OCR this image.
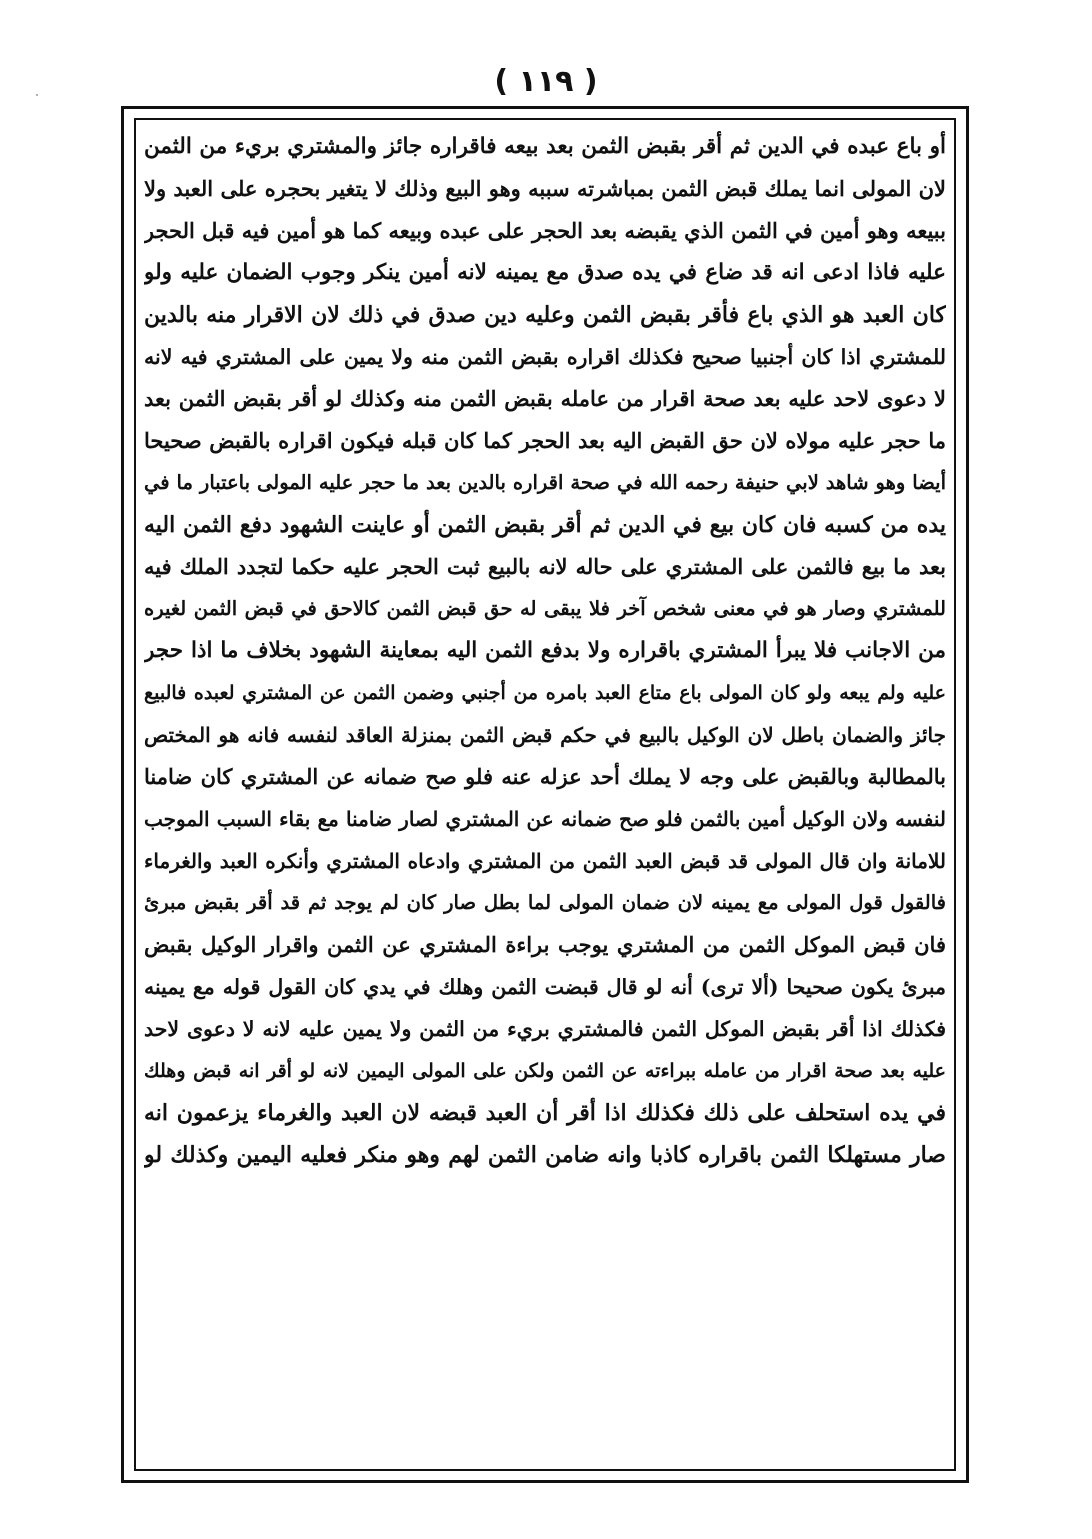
( ١١٩ )
أو باع عبده في الدين ثم أقر بقبض الثمن بعد بيعه فاقراره جائز والمشتري بريء من الثمن
لان المولى انما يملك قبض الثمن بمباشرته سببه وهو البيع وذلك لا يتغير بحجره على العبد ولا
ببيعه وهو أمين في الثمن الذي يقبضه بعد الحجر على عبده وبيعه كما هو أمين فيه قبل الحجر
عليه فاذا ادعى انه قد ضاع في يده صدق مع يمينه لانه أمين ينكر وجوب الضمان عليه ولو
كان العبد هو الذي باع فأقر بقبض الثمن وعليه دين صدق في ذلك لان الاقرار منه بالدين
للمشتري اذا كان أجنبيا صحيح فكذلك اقراره بقبض الثمن منه ولا يمين على المشتري فيه لانه
لا دعوى لاحد عليه بعد صحة اقرار من عامله بقبض الثمن منه وكذلك لو أقر بقبض الثمن بعد
ما حجر عليه مولاه لان حق القبض اليه بعد الحجر كما كان قبله فيكون اقراره بالقبض صحيحا
أيضا وهو شاهد لابي حنيفة رحمه الله في صحة اقراره بالدين بعد ما حجر عليه المولى باعتبار ما في
يده من كسبه فان كان بيع في الدين ثم أقر بقبض الثمن أو عاينت الشهود دفع الثمن اليه
بعد ما بيع فالثمن على المشتري على حاله لانه بالبيع ثبت الحجر عليه حكما لتجدد الملك فيه
للمشتري وصار هو في معنى شخص آخر فلا يبقى له حق قبض الثمن كالاحق في قبض الثمن لغيره
من الاجانب فلا يبرأ المشتري باقراره ولا بدفع الثمن اليه بمعاينة الشهود بخلاف ما اذا حجر
عليه ولم يبعه ولو كان المولى باع متاع العبد بامره من أجنبي وضمن الثمن عن المشتري لعبده فالبيع
جائز والضمان باطل لان الوكيل بالبيع في حكم قبض الثمن بمنزلة العاقد لنفسه فانه هو المختص
بالمطالبة وبالقبض على وجه لا يملك أحد عزله عنه فلو صح ضمانه عن المشتري كان ضامنا
لنفسه ولان الوكيل أمين بالثمن فلو صح ضمانه عن المشتري لصار ضامنا مع بقاء السبب الموجب
للامانة وان قال المولى قد قبض العبد الثمن من المشتري وادعاه المشتري وأنكره العبد والغرماء
فالقول قول المولى مع يمينه لان ضمان المولى لما بطل صار كان لم يوجد ثم قد أقر بقبض مبرئ
فان قبض الموكل الثمن من المشتري يوجب براءة المشتري عن الثمن واقرار الوكيل بقبض
مبرئ يكون صحيحا (ألا ترى) أنه لو قال قبضت الثمن وهلك في يدي كان القول قوله مع يمينه
فكذلك اذا أقر بقبض الموكل الثمن فالمشتري بريء من الثمن ولا يمين عليه لانه لا دعوى لاحد
عليه بعد صحة اقرار من عامله ببراءته عن الثمن ولكن على المولى اليمين لانه لو أقر انه قبض وهلك
في يده استحلف على ذلك فكذلك اذا أقر أن العبد قبضه لان العبد والغرماء يزعمون انه
صار مستهلكا الثمن باقراره كاذبا وانه ضامن الثمن لهم وهو منكر فعليه اليمين وكذلك لو
